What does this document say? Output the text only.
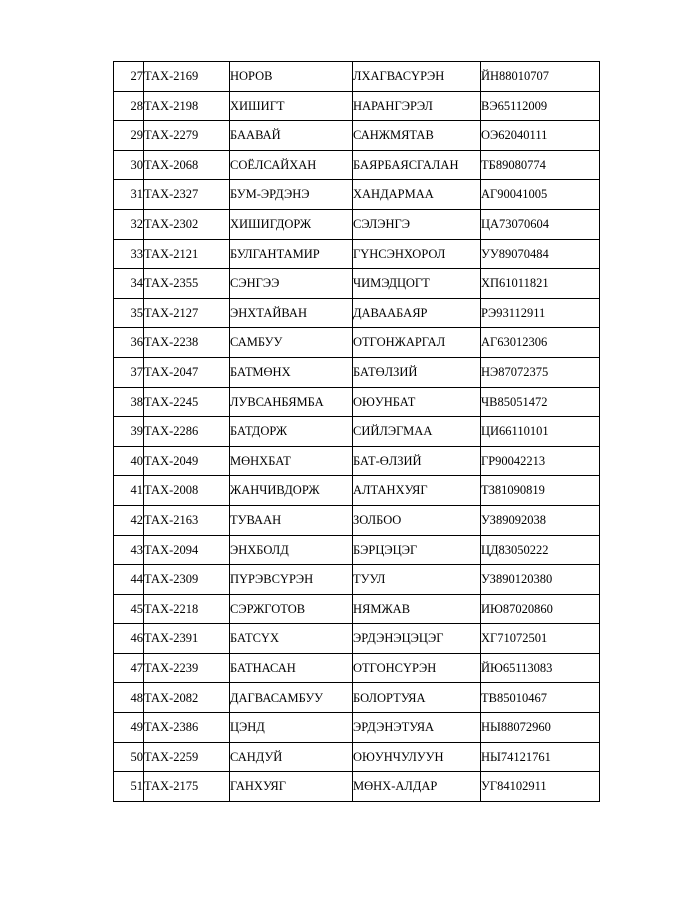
27	ТАХ-2169	НОРОВ	ЛХАГВАСҮРЭН	ЙН88010707
28	ТАХ-2198	ХИШИГТ	НАРАНГЭРЭЛ	ВЭ65112009
29	ТАХ-2279	БААВАЙ	САНЖМЯТАВ	ОЭ62040111
30	ТАХ-2068	СОЁЛСАЙХАН	БАЯРБАЯСГАЛАН	ТБ89080774
31	ТАХ-2327	БУМ-ЭРДЭНЭ	ХАНДАРМАА	АГ90041005
32	ТАХ-2302	ХИШИГДОРЖ	СЭЛЭНГЭ	ЦА73070604
33	ТАХ-2121	БУЛГАНТАМИР	ГҮНСЭНХОРОЛ	УУ89070484
34	ТАХ-2355	СЭНГЭЭ	ЧИМЭДЦОГТ	ХП61011821
35	ТАХ-2127	ЭНХТАЙВАН	ДАВААБАЯР	РЭ93112911
36	ТАХ-2238	САМБУУ	ОТГОНЖАРГАЛ	АГ63012306
37	ТАХ-2047	БАТМӨНХ	БАТӨЛЗИЙ	НЭ87072375
38	ТАХ-2245	ЛУВСАНБЯМБА	ОЮУНБАТ	ЧВ85051472
39	ТАХ-2286	БАТДОРЖ	СИЙЛЭГМАА	ЦИ66110101
40	ТАХ-2049	МӨНХБАТ	БАТ-ӨЛЗИЙ	ГР90042213
41	ТАХ-2008	ЖАНЧИВДОРЖ	АЛТАНХУЯГ	ТЗ81090819
42	ТАХ-2163	ТУВААН	ЗОЛБОО	УЗ89092038
43	ТАХ-2094	ЭНХБОЛД	БЭРЦЭЦЭГ	ЦД83050222
44	ТАХ-2309	ПҮРЭВСҮРЭН	ТУУЛ	УЗ890120380
45	ТАХ-2218	СЭРЖГОТОВ	НЯМЖАВ	ИЮ87020860
46	ТАХ-2391	БАТСҮХ	ЭРДЭНЭЦЭЦЭГ	ХГ71072501
47	ТАХ-2239	БАТНАСАН	ОТГОНСҮРЭН	ЙЮ65113083
48	ТАХ-2082	ДАГВАСАМБУУ	БОЛОРТУЯА	ТВ85010467
49	ТАХ-2386	ЦЭНД	ЭРДЭНЭТУЯА	НЫ88072960
50	ТАХ-2259	САНДУЙ	ОЮУНЧУЛУУН	НЫ74121761
51	ТАХ-2175	ГАНХУЯГ	МӨНХ-АЛДАР	УГ84102911
